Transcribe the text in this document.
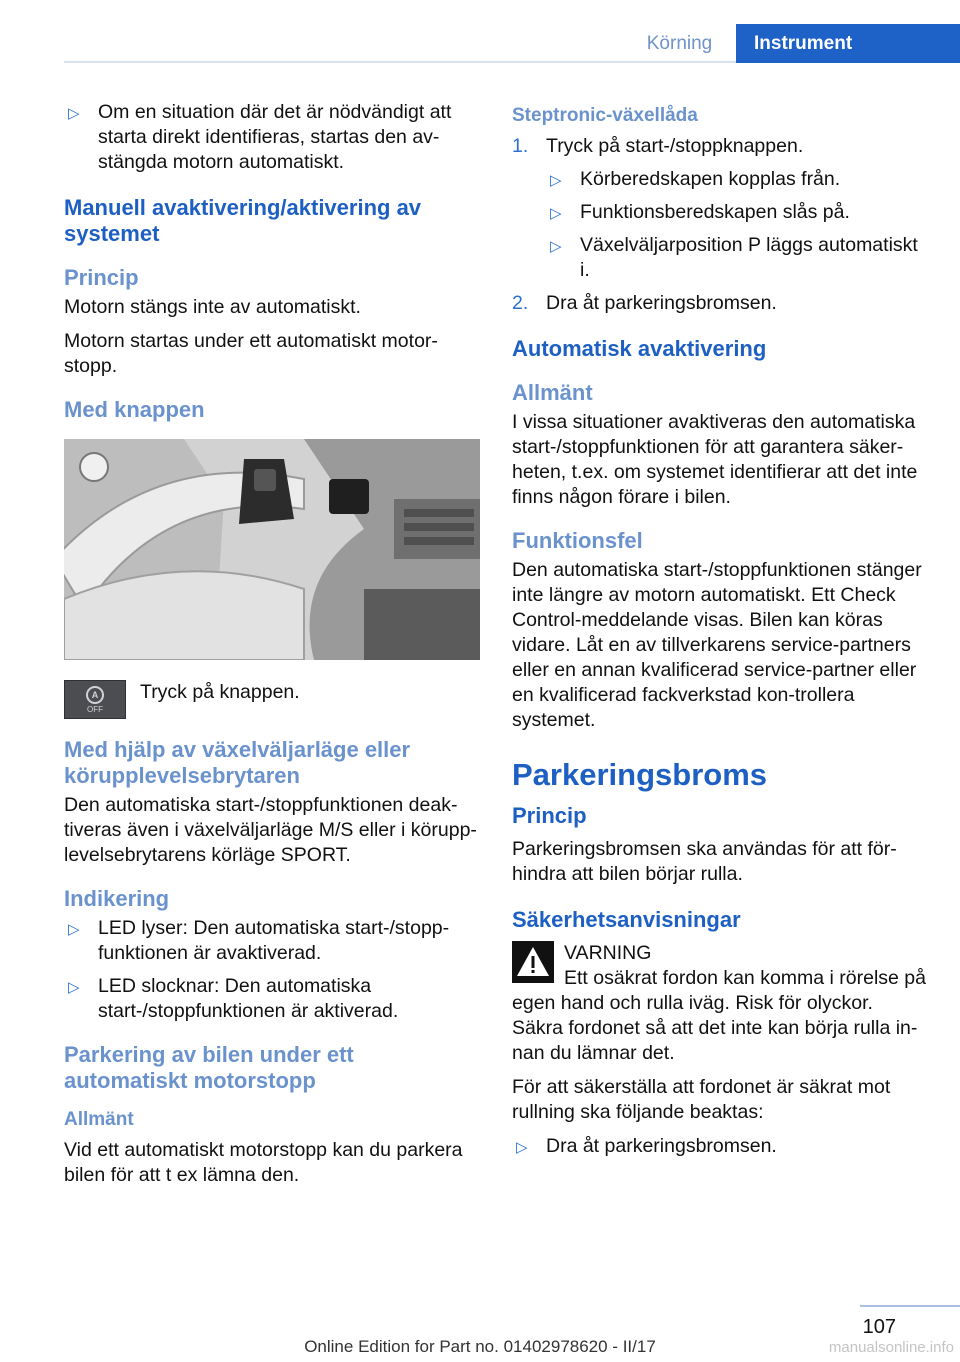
Körning	Instrument
▷ Om en situation där det är nödvändigt att starta direkt identifieras, startas den av-stängda motorn automatiskt.
Manuell avaktivering/aktivering av systemet
Princip

Motorn stängs inte av automatiskt.

Motorn startas under ett automatiskt motor-stopp.

Med knappen
A
OFF

Tryck på knappen.

Med hjälp av växelväljarläge eller körupplevelsebrytaren

Den automatiska start-/stoppfunktionen deak-tiveras även i växelväljarläge M/S eller i körupp-levelsebrytarens körläge SPORT.

Indikering
▷ LED lyser: Den automatiska start-/stopp-funktionen är avaktiverad.
▷ LED slocknar: Den automatiska start-/stoppfunktionen är aktiverad.
Parkering av bilen under ett automatiskt motorstopp
Allmänt

Vid ett automatiskt motorstopp kan du parkera bilen för att t ex lämna den.

Steptronic-växellåda
1. Tryck på start-/stoppknappen.
▷ Körberedskapen kopplas från.
▷ Funktionsberedskapen slås på.
▷ Växelväljarposition P läggs automatiskt i.
2. Dra åt parkeringsbromsen.
Automatisk avaktivering
Allmänt

I vissa situationer avaktiveras den automatiska start-/stoppfunktionen för att garantera säker-heten, t.ex. om systemet identifierar att det inte finns någon förare i bilen.

Funktionsfel

Den automatiska start-/stoppfunktionen stänger inte längre av motorn automatiskt. Ett Check Control-meddelande visas. Bilen kan köras vidare. Låt en av tillverkarens service-partners eller en annan kvalificerad service-partner eller en kvalificerad fackverkstad kon-trollera systemet.

Parkeringsbroms
Princip

Parkeringsbromsen ska användas för att för-hindra att bilen börjar rulla.

Säkerhetsanvisningar

VARNING

Ett osäkrat fordon kan komma i rörelse på egen hand och rulla iväg. Risk för olyckor. Säkra fordonet så att det inte kan börja rulla in-nan du lämnar det.

För att säkerställa att fordonet är säkrat mot rullning ska följande beaktas:

▷ Dra åt parkeringsbromsen.
107
Online Edition for Part no. 01402978620 - II/17	manualsonline.info
